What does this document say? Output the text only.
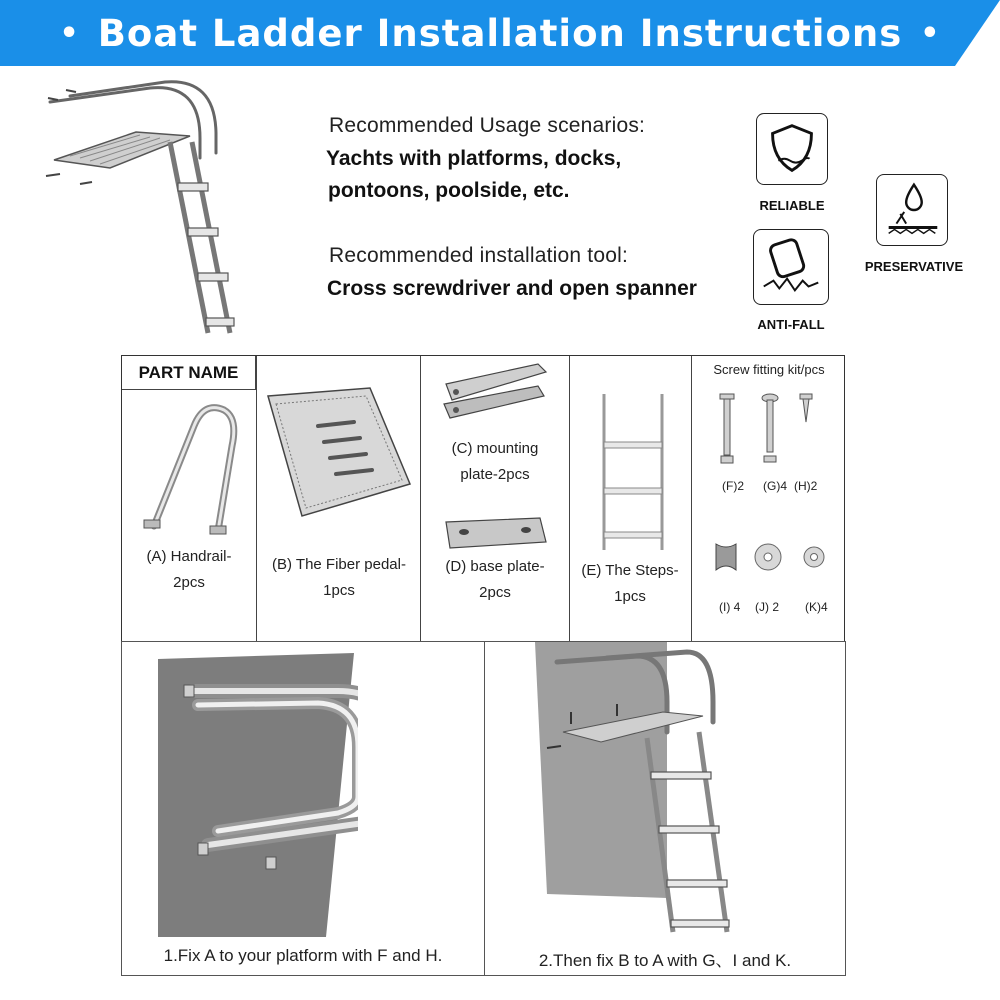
• Boat Ladder Installation Instructions •
Recommended Usage scenarios:
Yachts with platforms, docks,
pontoons, poolside, etc.
Recommended installation tool:
Cross screwdriver and open spanner
RELIABLE
ANTI-FALL
PRESERVATIVE
PART NAME
(A) Handrail-
2pcs
(B) The Fiber pedal-
1pcs
(C) mounting
plate-2pcs
(D) base plate-
2pcs
(E) The Steps-
1pcs
Screw fitting kit/pcs
(F)2 (G)4 (H)2
(I) 4 (J) 2 (K)4
1.Fix A to your platform with F and H.	2.Then fix B to A with G、I and K.
